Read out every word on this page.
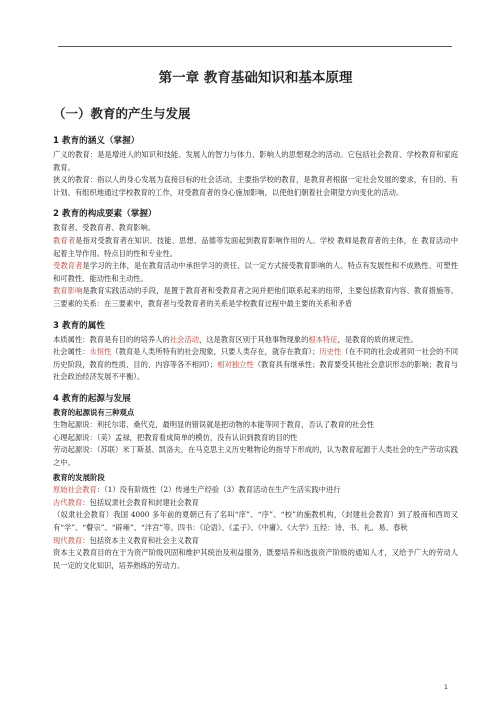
第一章 教育基础知识和基本原理
（一）教育的产生与发展
1 教育的涵义（掌握）

广义的教育：是是增进人的知识和技能、发展人的智力与体力、影响人的思想观念的活动。它包括社会教育、学校教育和家庭教育。

狭义的教育：指以人的身心发展为直接目标的社会活动，主要指学校的教育，是教育者根据一定社会发展的要求，有目的、有计划、有组织地通过学校教育的工作，对受教育者的身心施加影响，以使他们朝着社会期望方向变化的活动。

2 教育的构成要素（掌握）

教育者、受教育者、教育影响。

教育者是指对受教育者在知识、技能、思想、品德等发面起到教育影响作用的人。学校 教师是教育者的主体，在 教育活动中起着主导作用。特点目的性和专业性。

受教育者是学习的主体，是在教育活动中承担学习的责任、以一定方式接受教育影响的人。特点有发展性和不成熟性、可塑性和可教性、能动性和主动性。

教育影响是教育实践活动的手段，是置于教育者和受教育者之间并把他们联系起来的纽带，主要包括教育内容、教育措施等。三要素的关系：在三要素中，教育者与受教育者的关系是学校教育过程中最主要的关系和矛盾

3 教育的属性

本质属性：教育是有目的的培养人的社会活动，这是教育区别于其他事物现象的根本特征，是教育的质的规定性。

社会属性：永恒性（教育是人类所特有的社会现象，只要人类存在，就存在教育）；历史性（在不同的社会或者同一社会的不同历史阶段，教育的性质、目的、内容等各不相同）；相对独立性（教育具有继承性；教育要受其他社会意识形态的影响；教育与社会政治经济发展不平衡）。

4 教育的起源与发展
教育的起源说有三种观点

生物起源说：利托尔诺、桑代克，最明显的错误就是把动物的本能等同于教育，否认了教育的社会性

心理起源说：（美）孟禄，把教育看成简单的模仿，没有认识到教育的目的性

劳动起源说：（苏联）米丁斯基、凯洛夫，在马克思主义历史唯物论的指导下形成的，认为教育起源于人类社会的生产劳动实践之中。

教育的发展阶段

原始社会教育：（1）没有阶级性（2）传递生产经验（3）教育活动在生产生活实践中进行

古代教育：包括奴隶社会教育和封建社会教育

（奴隶社会教育）我国 4000 多年前的夏朝已有了名叫“庠”、“序”、“校”的施教机构，（封建社会教育）到了殷商和西周又有“学”、“瞽宗”、“辟雍”、“泮宫”等。四书：《论语》、《孟子》、《中庸》、《大学》五经：诗、书、礼、易、春秋

现代教育：包括资本主义教育和社会主义教育

资本主义教育目的在于为资产阶级巩固和维护其统治及利益服务，既要培养和选拔资产阶级的通知人才，又给予广大的劳动人民一定的文化知识，培养熟练的劳动力。

1
